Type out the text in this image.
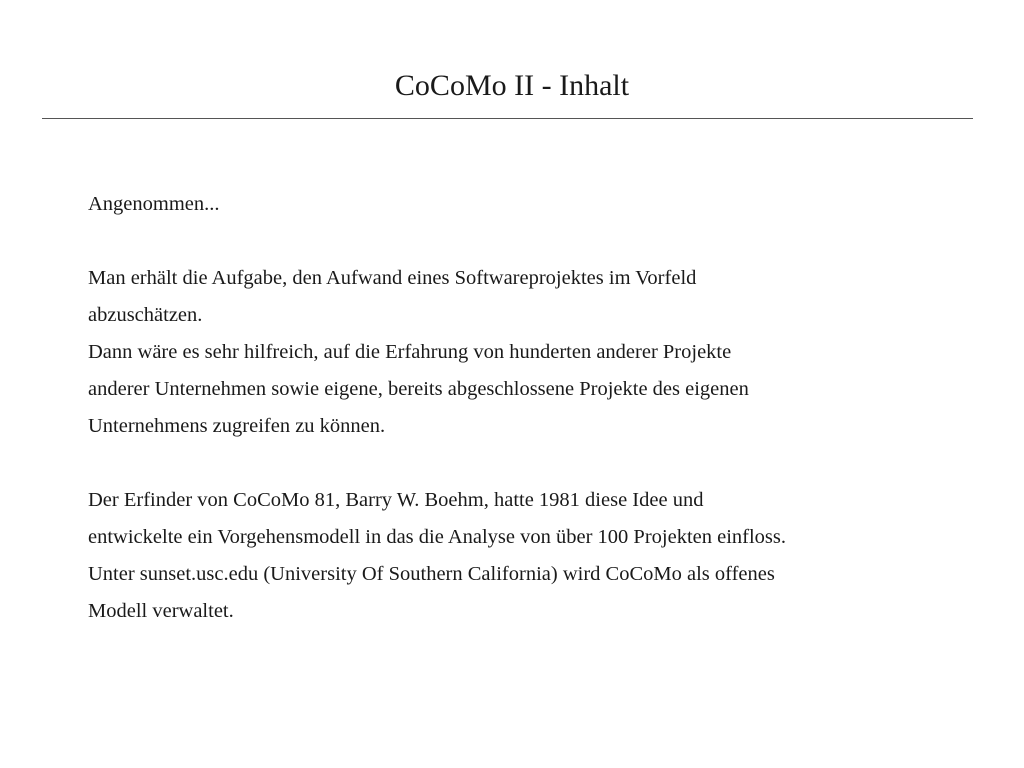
CoCoMo II - Inhalt

Angenommen...

Man erhält die Aufgabe, den Aufwand eines Softwareprojektes im Vorfeld
abzuschätzen.
Dann wäre es sehr hilfreich, auf die Erfahrung von hunderten anderer Projekte
anderer Unternehmen sowie eigene, bereits abgeschlossene Projekte des eigenen
Unternehmens zugreifen zu können.

Der Erfinder von CoCoMo 81, Barry W. Boehm, hatte 1981 diese Idee und
entwickelte ein Vorgehensmodell in das die Analyse von über 100 Projekten einfloss.
Unter sunset.usc.edu (University Of Southern California) wird CoCoMo als offenes
Modell verwaltet.
